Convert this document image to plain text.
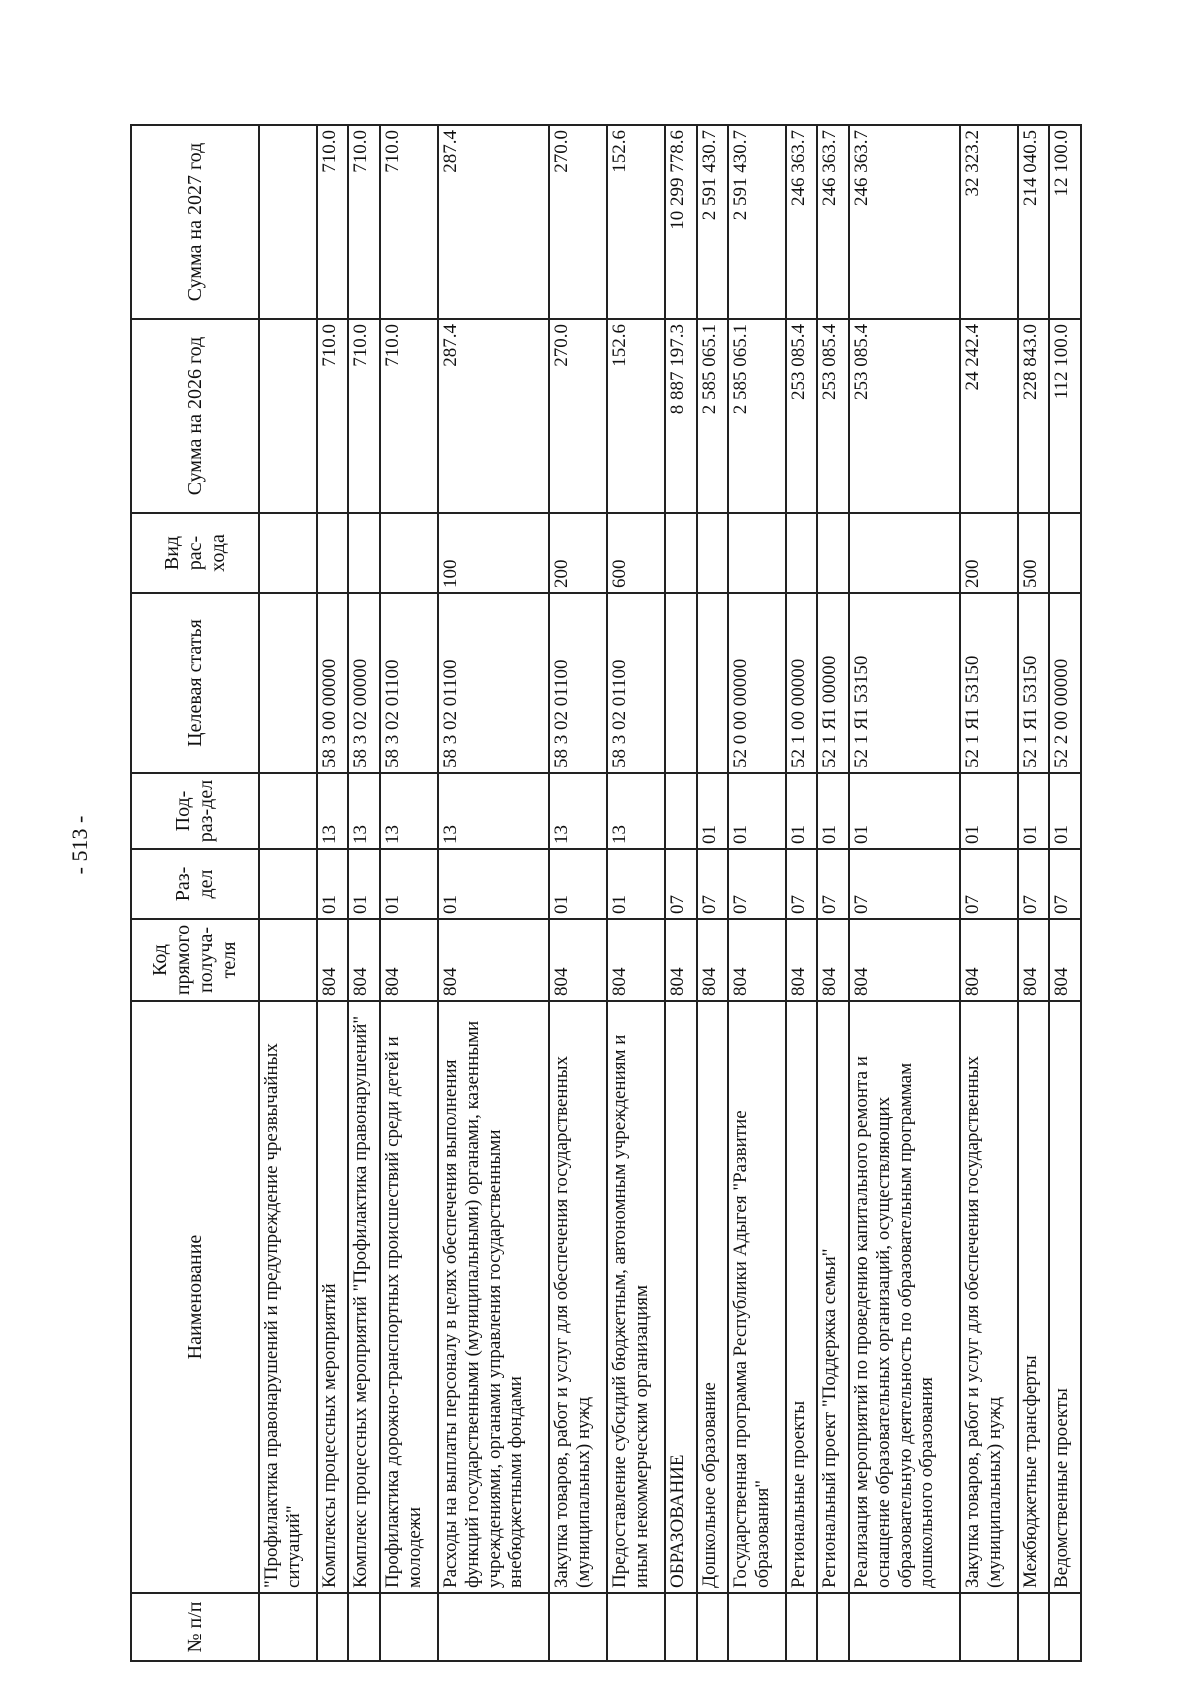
- 513 -
№ п/п	Наименование	Код прямого получа-теля	Раз-дел	Под-раз-дел	Целевая статья	Вид рас-хода	Сумма на 2026 год	Сумма на 2027 год
	"Профилактика правонарушений и предупреждение чрезвычайных ситуаций"							
	Комплексы процессных мероприятий	804	01	13	58 3 00 00000		710.0	710.0
	Комплекс процессных мероприятий "Профилактика правонарушений"	804	01	13	58 3 02 00000		710.0	710.0
	Профилактика дорожно-транспортных происшествий среди детей и молодежи	804	01	13	58 3 02 01100		710.0	710.0
	Расходы на выплаты персоналу в целях обеспечения выполнения функций государственными (муниципальными) органами, казенными учреждениями, органами управления государственными внебюджетными фондами	804	01	13	58 3 02 01100	100	287.4	287.4
	Закупка товаров, работ и услуг для обеспечения государственных (муниципальных) нужд	804	01	13	58 3 02 01100	200	270.0	270.0
	Предоставление субсидий бюджетным, автономным учреждениям и иным некоммерческим организациям	804	01	13	58 3 02 01100	600	152.6	152.6
	ОБРАЗОВАНИЕ	804	07				8 887 197.3	10 299 778.6
	Дошкольное образование	804	07	01			2 585 065.1	2 591 430.7
	Государственная программа Республики Адыгея "Развитие образования"	804	07	01	52 0 00 00000		2 585 065.1	2 591 430.7
	Региональные проекты	804	07	01	52 1 00 00000		253 085.4	246 363.7
	Региональный проект "Поддержка семьи"	804	07	01	52 1 Я1 00000		253 085.4	246 363.7
	Реализация мероприятий по проведению капитального ремонта и оснащение образовательных организаций, осуществляющих образовательную деятельность по образовательным программам дошкольного образования	804	07	01	52 1 Я1 53150		253 085.4	246 363.7
	Закупка товаров, работ и услуг для обеспечения государственных (муниципальных) нужд	804	07	01	52 1 Я1 53150	200	24 242.4	32 323.2
	Межбюджетные трансферты	804	07	01	52 1 Я1 53150	500	228 843.0	214 040.5
	Ведомственные проекты	804	07	01	52 2 00 00000		112 100.0	12 100.0
